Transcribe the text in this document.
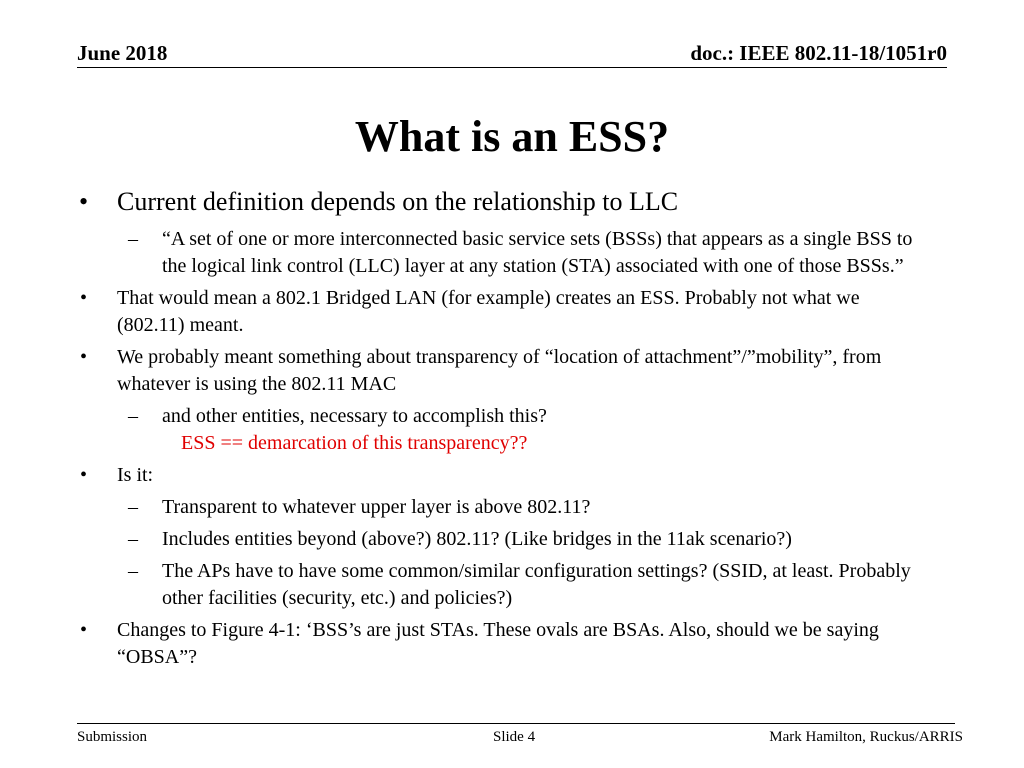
June 2018	doc.: IEEE 802.11-18/1051r0
What is an ESS?
•	Current definition depends on the relationship to LLC
–	“A set of one or more interconnected basic service sets (BSSs) that appears as a single BSS to the logical link control (LLC) layer at any station (STA) associated with one of those BSSs.”
•	That would mean a 802.1 Bridged LAN (for example) creates an ESS. Probably not what we (802.11) meant.
•	We probably meant something about transparency of “location of attachment”/”mobility”, from whatever is using the 802.11 MAC
–	and other entities, necessary to accomplish this?
ESS == demarcation of this transparency??
•	Is it:
–	Transparent to whatever upper layer is above 802.11?
–	Includes entities beyond (above?) 802.11? (Like bridges in the 11ak scenario?)
–	The APs have to have some common/similar configuration settings? (SSID, at least. Probably other facilities (security, etc.) and policies?)
•	Changes to Figure 4-1: ‘BSS’s are just STAs. These ovals are BSAs. Also, should we be saying “OBSA”?
Submission	Slide 4	Mark Hamilton, Ruckus/ARRIS
